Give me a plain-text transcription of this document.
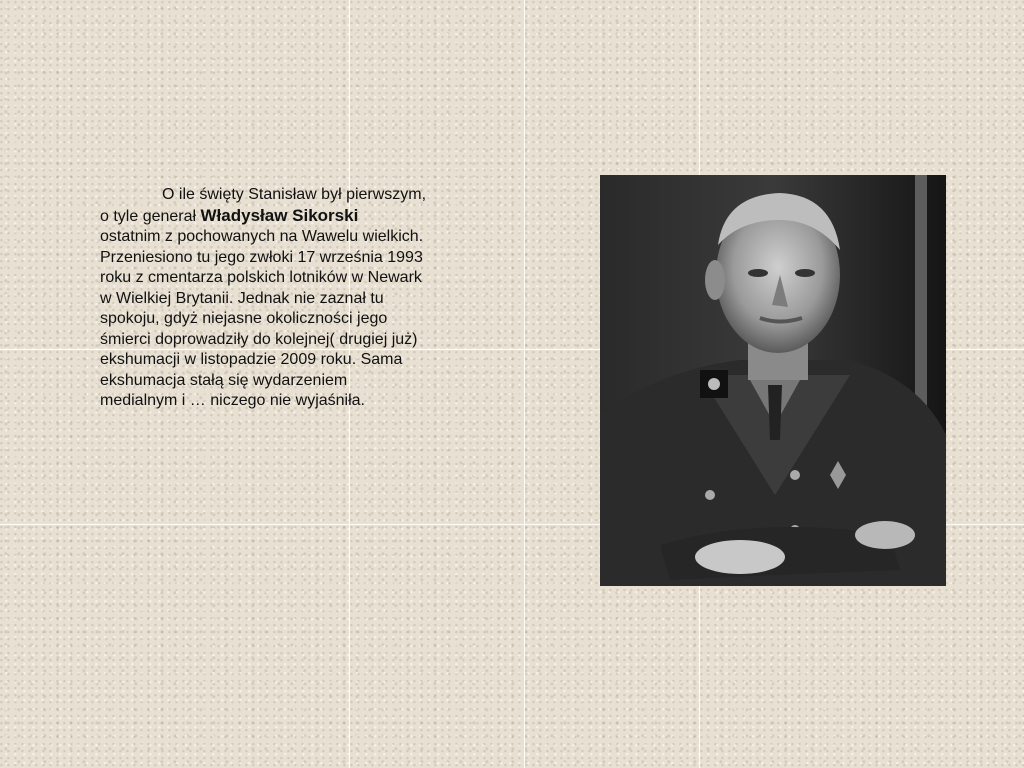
O ile święty Stanisław był pierwszym,
o tyle generał Władysław Sikorski
ostatnim z pochowanych na Wawelu wielkich.
Przeniesiono tu jego zwłoki 17 września 1993
roku z cmentarza polskich lotników w Newark
w Wielkiej Brytanii. Jednak nie zaznał tu
spokoju, gdyż niejasne okoliczności jego
śmierci doprowadziły do kolejnej( drugiej już)
ekshumacji w listopadzie 2009 roku. Sama
ekshumacja stałą się wydarzeniem
medialnym i … niczego nie wyjaśniła.
